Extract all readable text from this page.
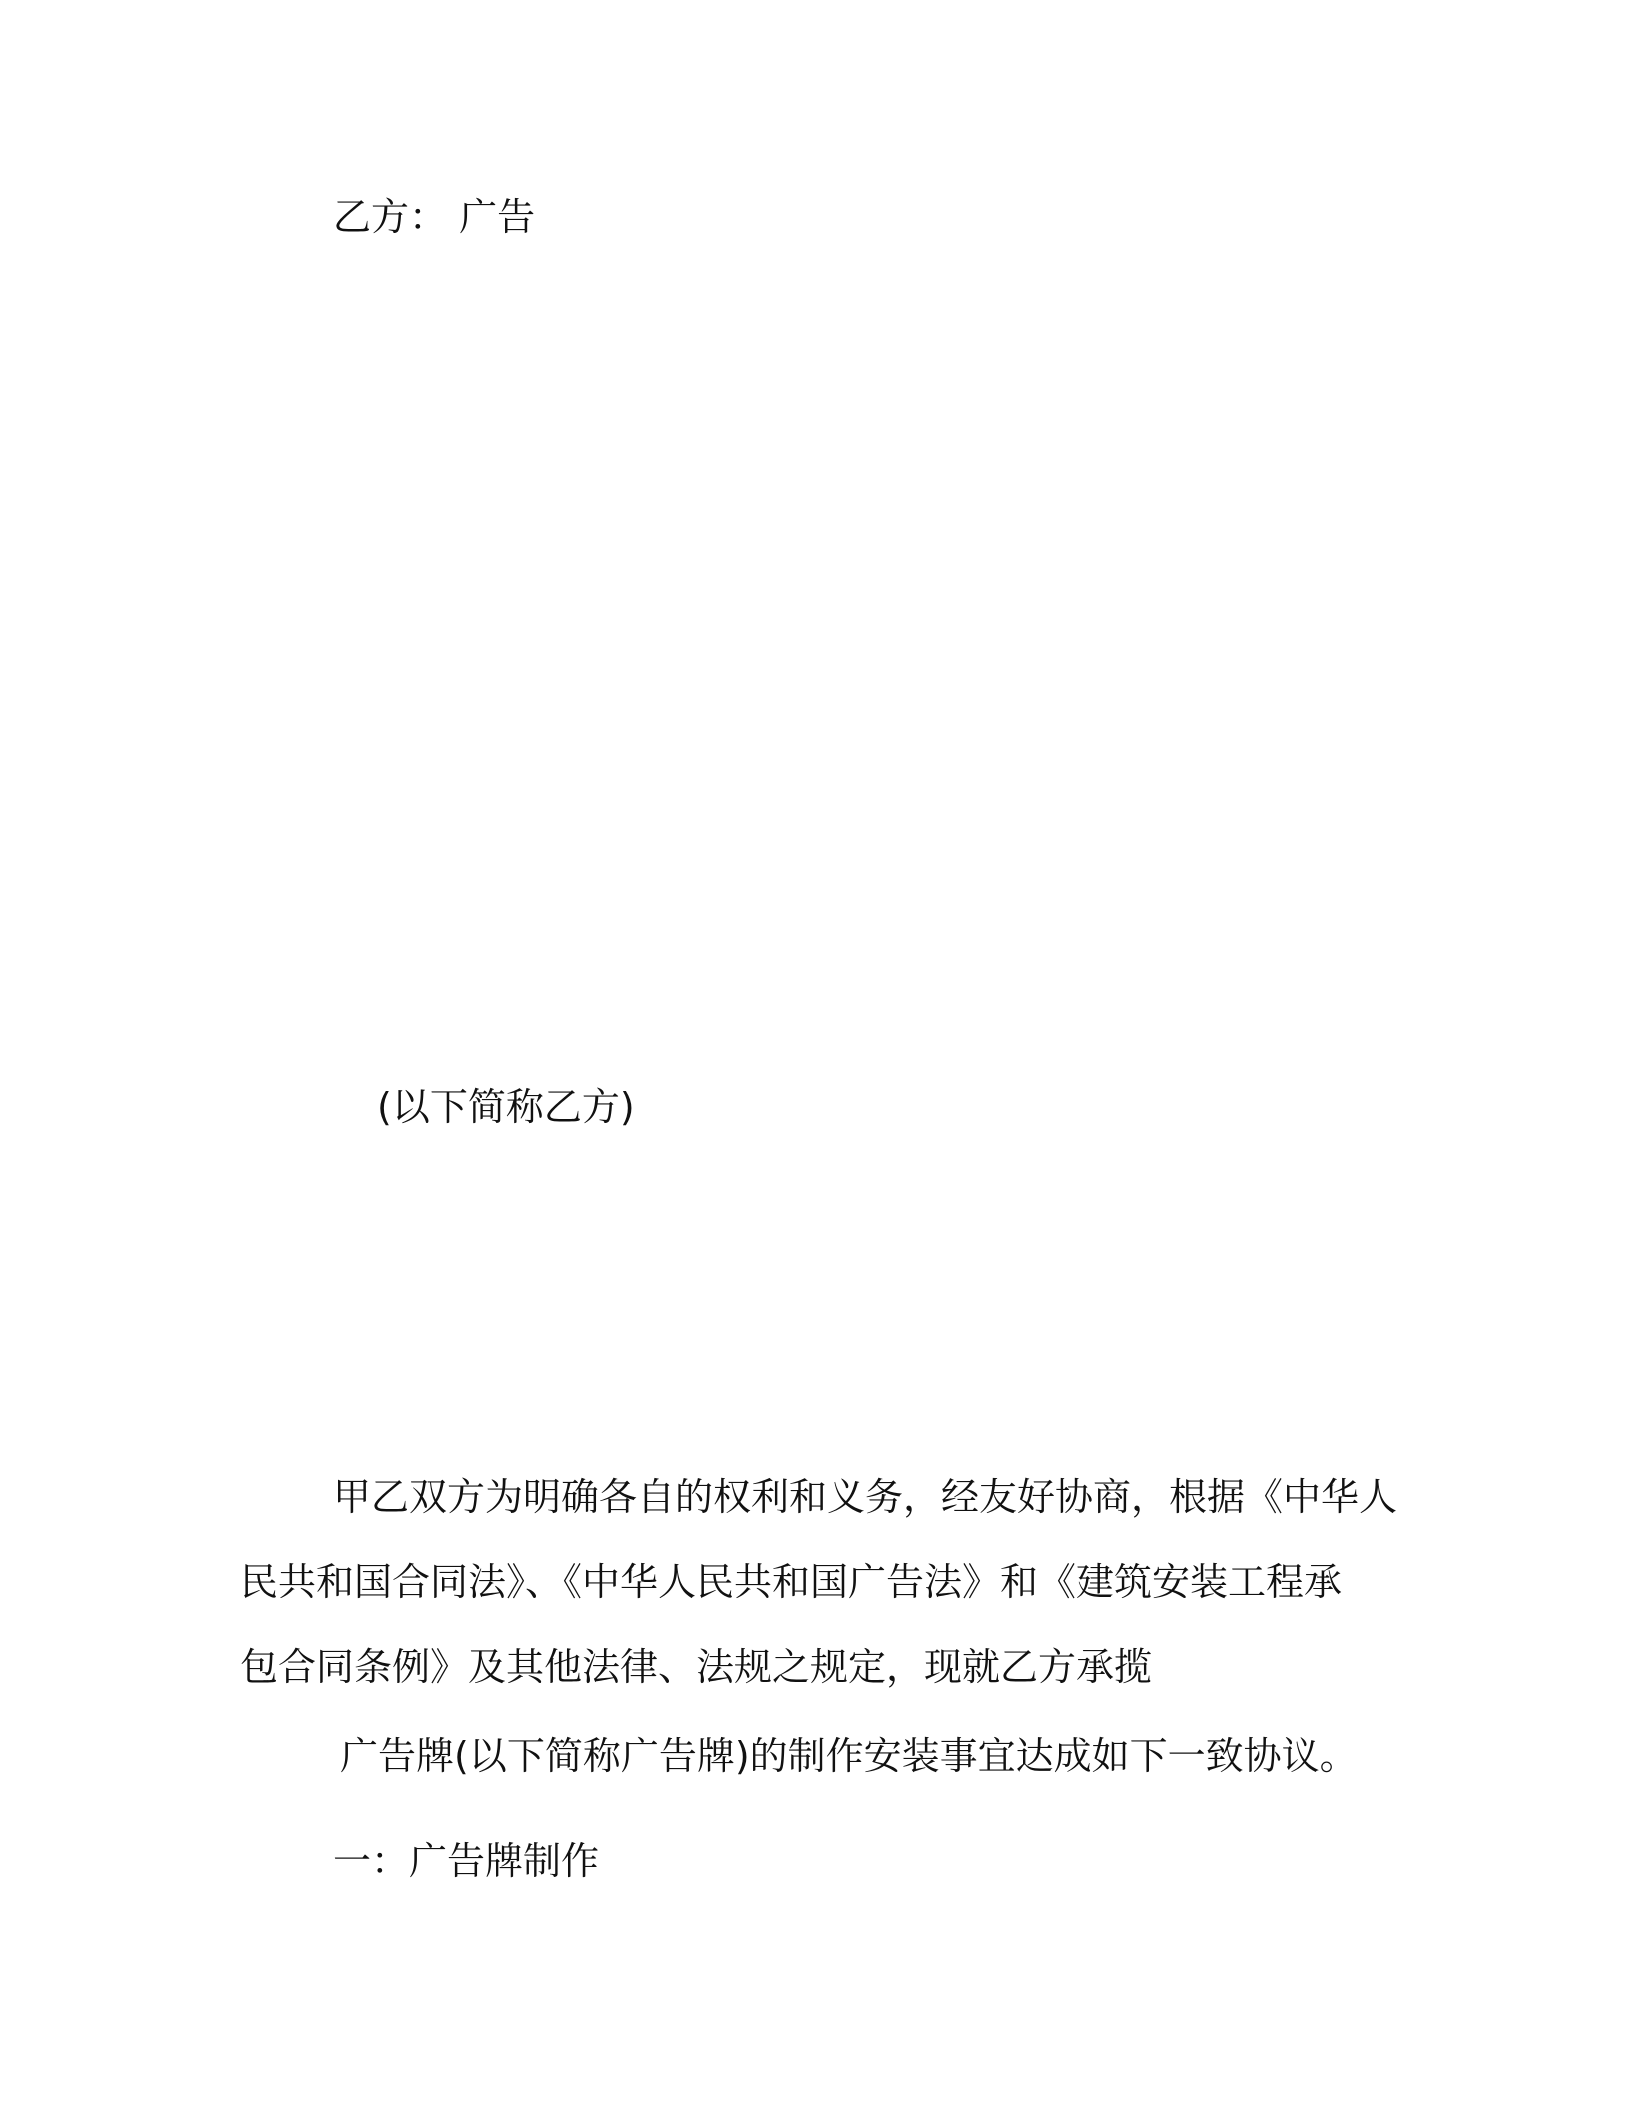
乙方： 广告
(以下简称乙方)
甲乙双方为明确各自的权利和义务，经友好协商，根据《中华人
民共和国合同法》、《中华人民共和国广告法》和《建筑安装工程承
包合同条例》及其他法律、法规之规定，现就乙方承揽
广告牌(以下简称广告牌)的制作安装事宜达成如下一致协议。
一：广告牌制作
